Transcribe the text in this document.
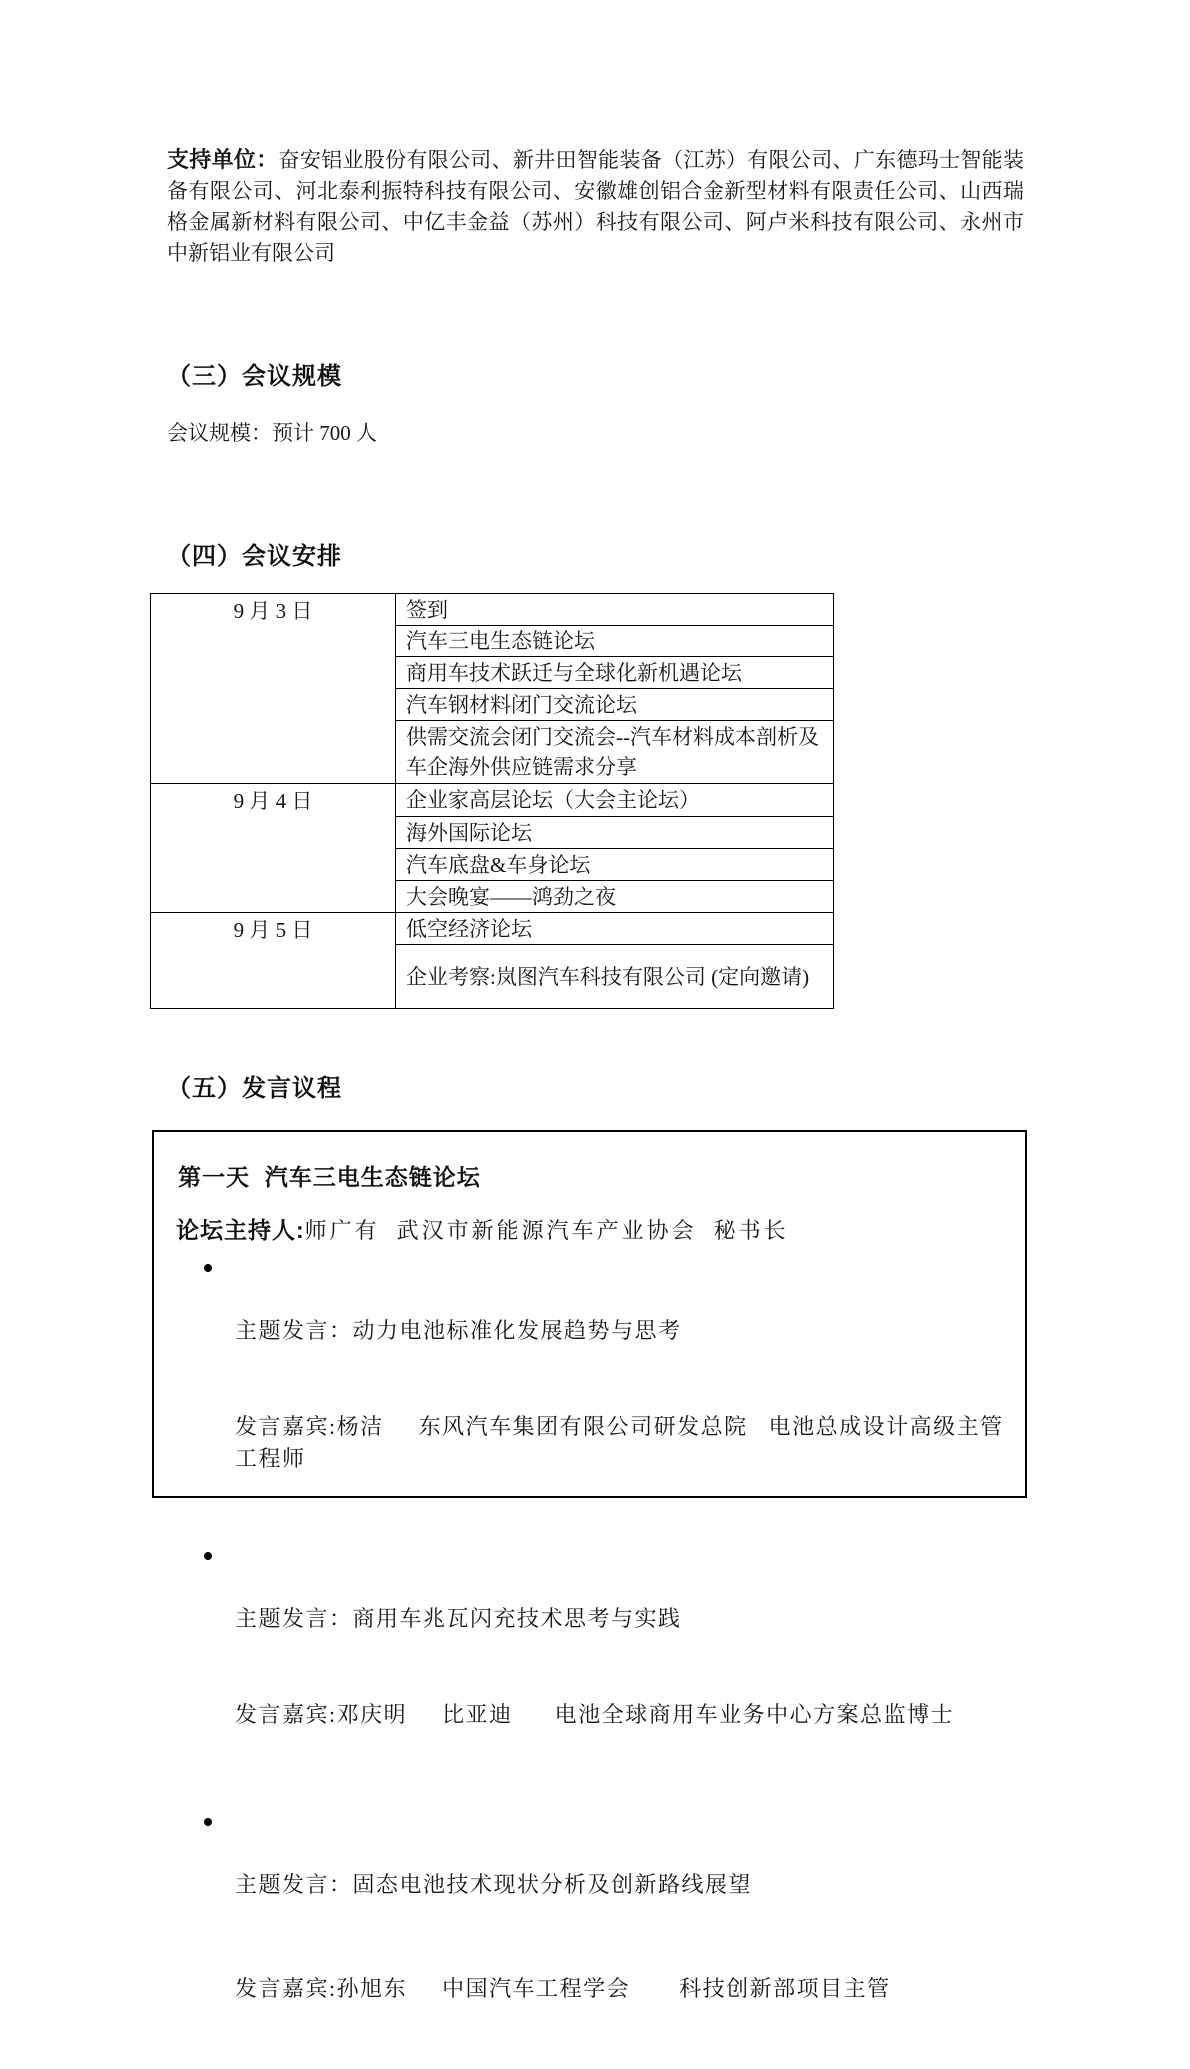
支持单位：奋安铝业股份有限公司、新井田智能装备（江苏）有限公司、广东德玛士智能装备有限公司、河北泰利振特科技有限公司、安徽雄创铝合金新型材料有限责任公司、山西瑞格金属新材料有限公司、中亿丰金益（苏州）科技有限公司、阿卢米科技有限公司、永州市中新铝业有限公司

（三）会议规模

会议规模：预计 700 人

（四）会议安排
9 月 3 日	签到
	汽车三电生态链论坛
	商用车技术跃迁与全球化新机遇论坛
	汽车钢材料闭门交流论坛
	供需交流会闭门交流会--汽车材料成本剖析及车企海外供应链需求分享
9 月 4 日	企业家高层论坛（大会主论坛）
	海外国际论坛
	汽车底盘&车身论坛
	大会晚宴——鸿劲之夜
9 月 5 日	低空经济论坛
	企业考察:岚图汽车科技有限公司 (定向邀请)
（五）发言议程
第一天  汽车三电生态链论坛
论坛主持人:师广有  武汉市新能源汽车产业协会  秘书长

主题发言：动力电池标准化发展趋势与思考

发言嘉宾:杨洁     东风汽车集团有限公司研发总院   电池总成设计高级主管工程师

主题发言：商用车兆瓦闪充技术思考与实践

发言嘉宾:邓庆明     比亚迪      电池全球商用车业务中心方案总监博士

主题发言：固态电池技术现状分析及创新路线展望

发言嘉宾:孙旭东     中国汽车工程学会       科技创新部项目主管
